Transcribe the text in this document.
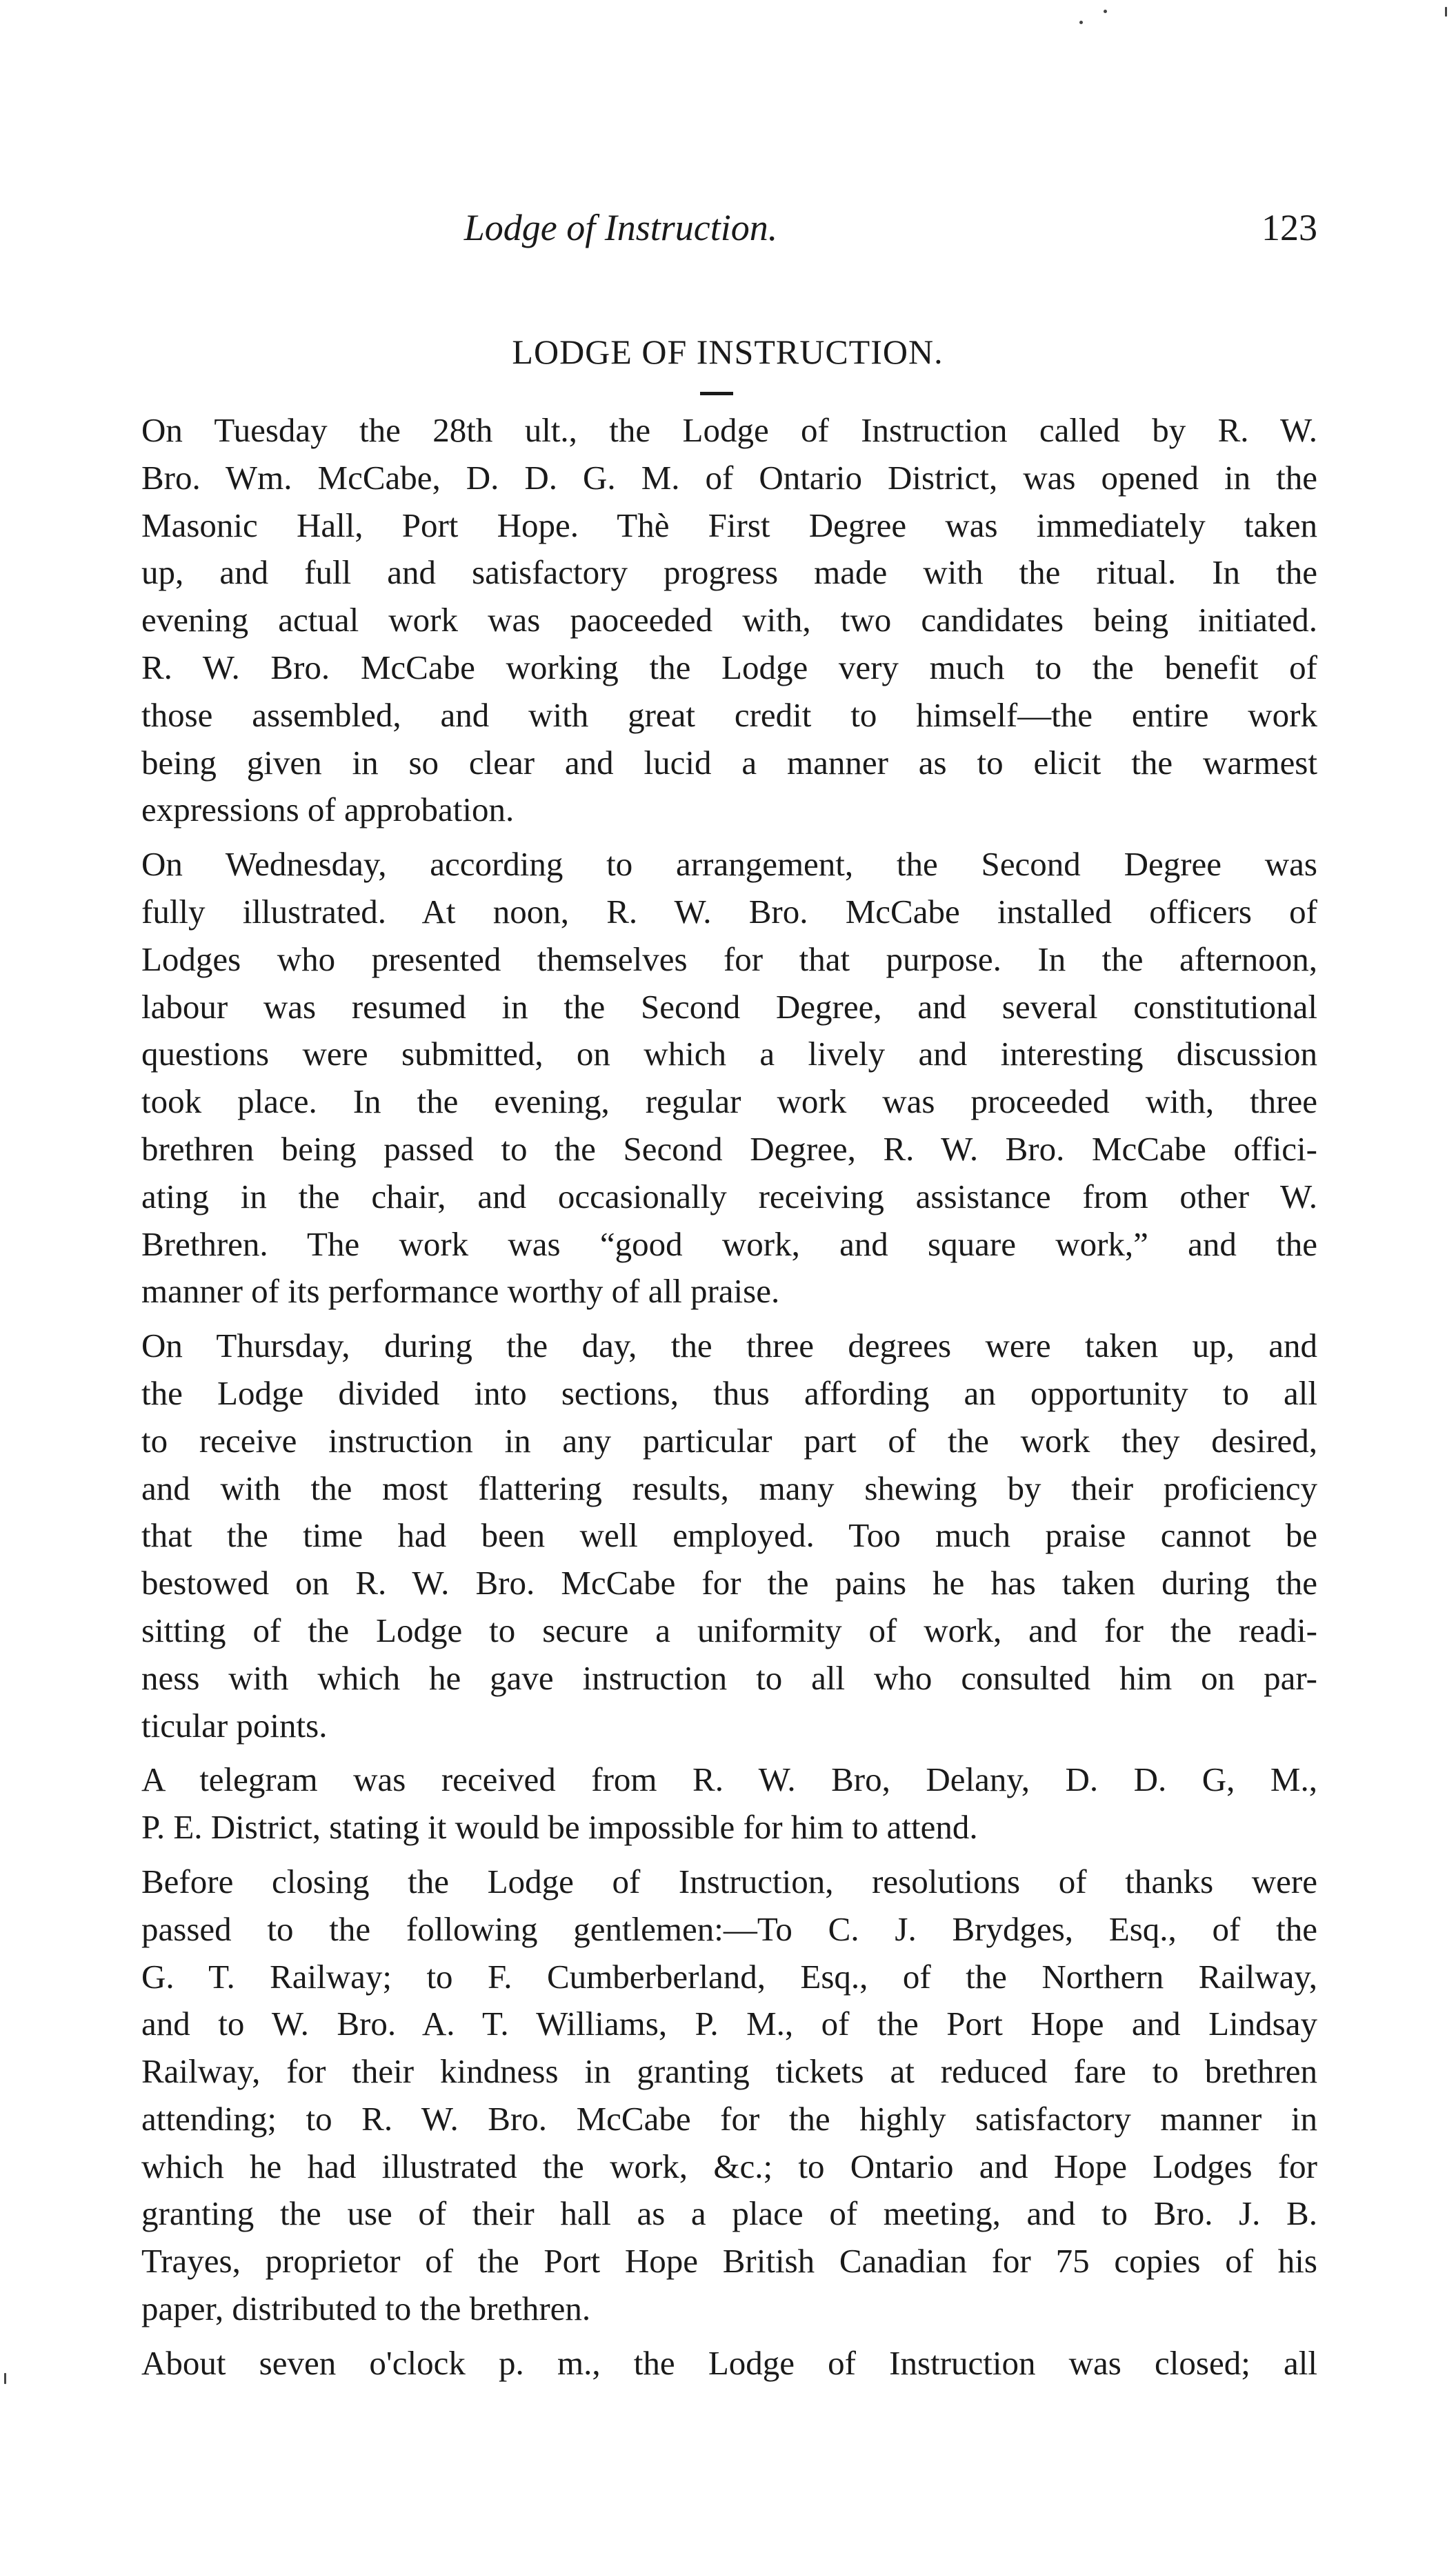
Lodge of Instruction.	123
LODGE OF INSTRUCTION.
On Tuesday the 28th ult., the Lodge of Instruction called by R. W.
Bro. Wm. McCabe, D. D. G. M. of Ontario District, was opened in the
Masonic Hall, Port Hope. Thè First Degree was immediately taken
up, and full and satisfactory progress made with the ritual. In the
evening actual work was paoceeded with, two candidates being initiated.
R. W. Bro. McCabe working the Lodge very much to the benefit of
those assembled, and with great credit to himself—the entire work
being given in so clear and lucid a manner as to elicit the warmest
expressions of approbation.
On Wednesday, according to arrangement, the Second Degree was
fully illustrated. At noon, R. W. Bro. McCabe installed officers of
Lodges who presented themselves for that purpose. In the afternoon,
labour was resumed in the Second Degree, and several constitutional
questions were submitted, on which a lively and interesting discussion
took place. In the evening, regular work was proceeded with, three
brethren being passed to the Second Degree, R. W. Bro. McCabe offici-
ating in the chair, and occasionally receiving assistance from other W.
Brethren. The work was “good work, and square work,” and the
manner of its performance worthy of all praise.
On Thursday, during the day, the three degrees were taken up, and
the Lodge divided into sections, thus affording an opportunity to all
to receive instruction in any particular part of the work they desired,
and with the most flattering results, many shewing by their proficiency
that the time had been well employed. Too much praise cannot be
bestowed on R. W. Bro. McCabe for the pains he has taken during the
sitting of the Lodge to secure a uniformity of work, and for the readi-
ness with which he gave instruction to all who consulted him on par-
ticular points.
A telegram was received from R. W. Bro, Delany, D. D. G, M.,
P. E. District, stating it would be impossible for him to attend.
Before closing the Lodge of Instruction, resolutions of thanks were
passed to the following gentlemen:—To C. J. Brydges, Esq., of the
G. T. Railway; to F. Cumberberland, Esq., of the Northern Railway,
and to W. Bro. A. T. Williams, P. M., of the Port Hope and Lindsay
Railway, for their kindness in granting tickets at reduced fare to brethren
attending; to R. W. Bro. McCabe for the highly satisfactory manner in
which he had illustrated the work, &c.; to Ontario and Hope Lodges for
granting the use of their hall as a place of meeting, and to Bro. J. B.
Trayes, proprietor of the Port Hope British Canadian for 75 copies of his
paper, distributed to the brethren.
About seven o'clock p. m., the Lodge of Instruction was closed; all
